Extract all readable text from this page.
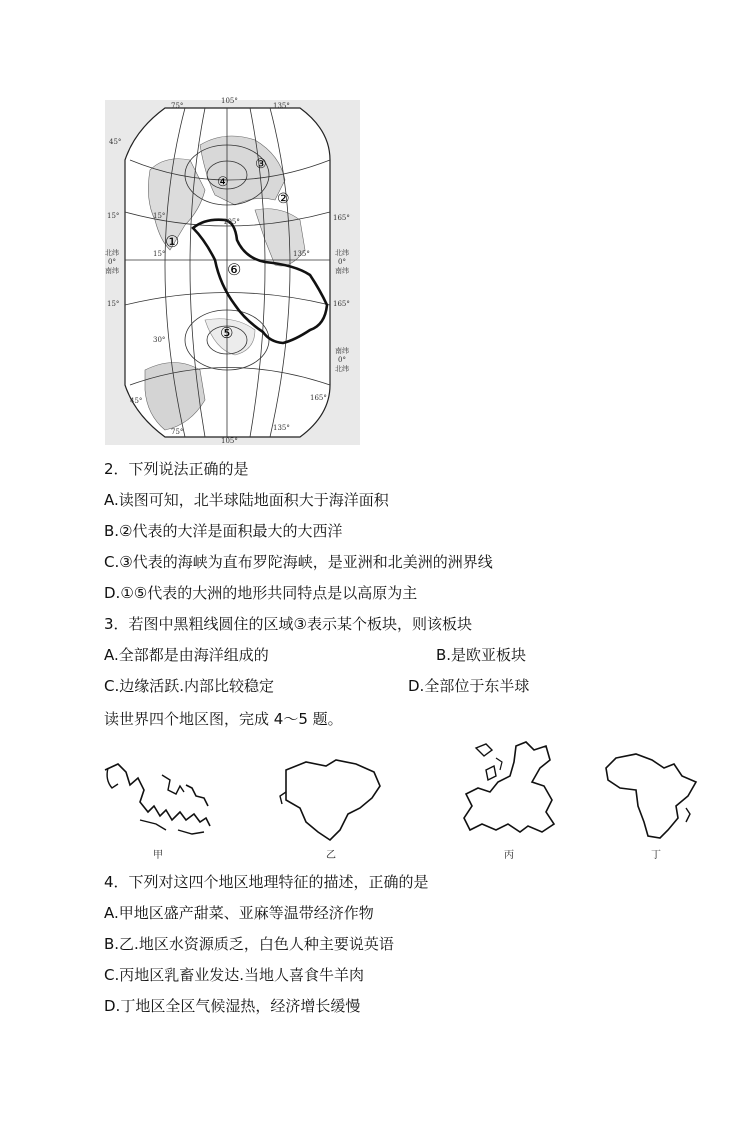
③
④
②
①
⑥
⑤
75°
105°
135°
45°
15°
15°
45°
15°
15°
105°
135°
30°
165°
165°
165°
75°
105°
135°
北纬
0°
南纬
北纬
0°
南纬
南纬
0°
北纬
2．下列说法正确的是
A.读图可知，北半球陆地面积大于海洋面积
B.②代表的大洋是面积最大的大西洋
C.③代表的海峡为直布罗陀海峡，是亚洲和北美洲的洲界线
D.①⑤代表的大洲的地形共同特点是以高原为主
3．若图中黑粗线圆住的区域③表示某个板块，则该板块
A.全部都是由海洋组成的	B.是欧亚板块
C.边缘活跃.内部比较稳定	D.全部位于东半球
读世界四个地区图，完成 4～5 题。
甲	乙	丙	丁
4．下列对这四个地区地理特征的描述，正确的是
A.甲地区盛产甜菜、亚麻等温带经济作物
B.乙.地区水资源质乏，白色人种主要说英语
C.丙地区乳畜业发达.当地人喜食牛羊肉
D.丁地区全区气候湿热，经济增长缓慢
